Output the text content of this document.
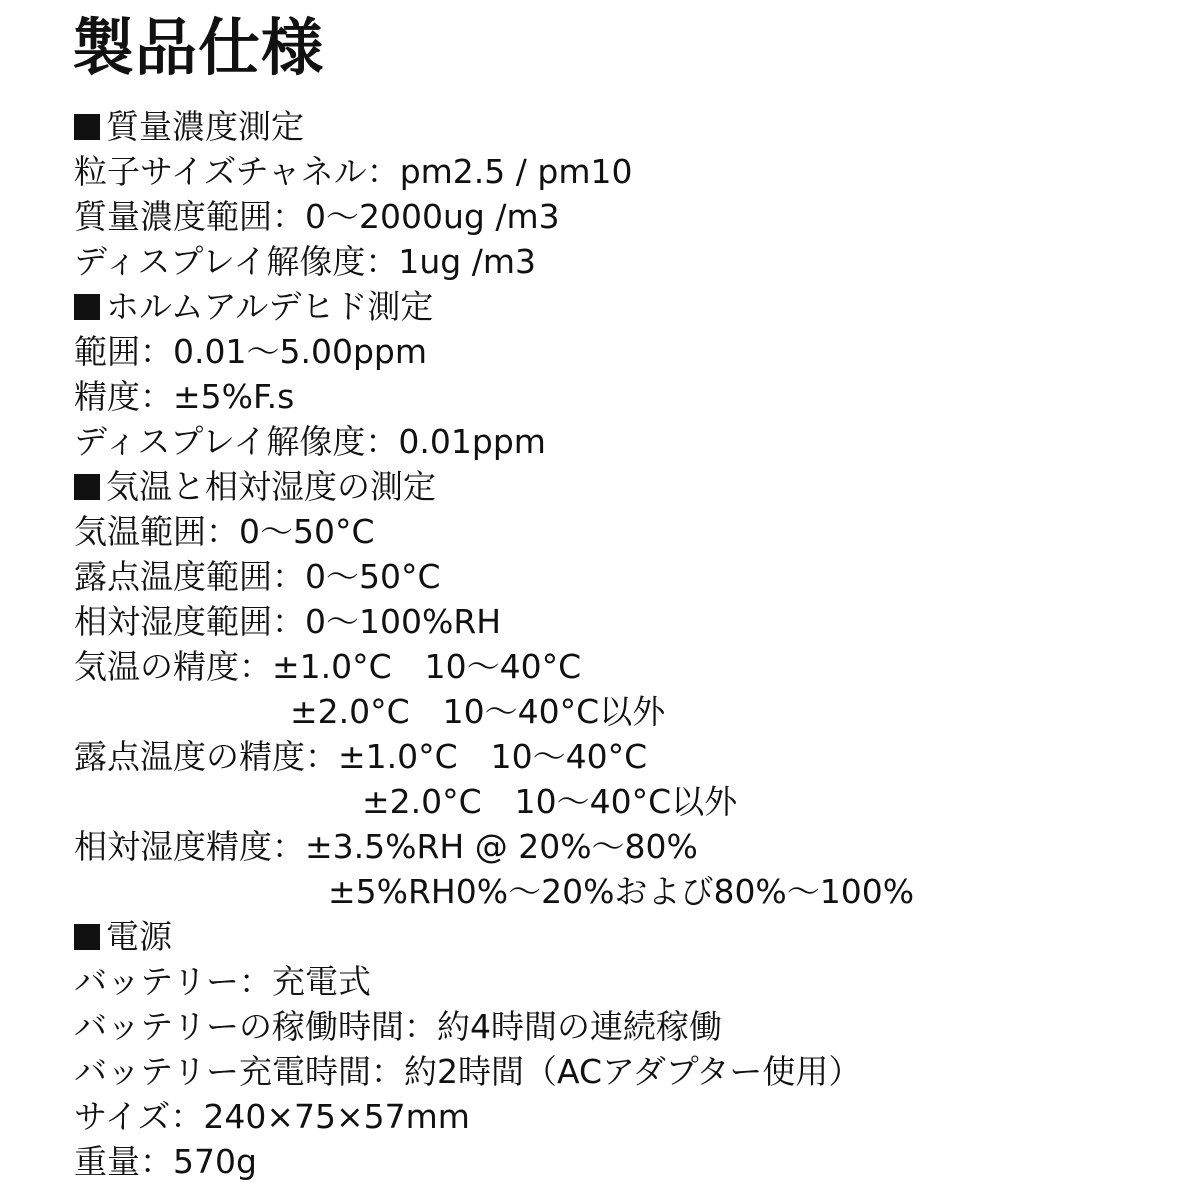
製品仕様
質量濃度測定
粒子サイズチャネル：pm2.5 / pm10
質量濃度範囲：0〜2000ug /m3
ディスプレイ解像度：1ug /m3
ホルムアルデヒド測定
範囲：0.01〜5.00ppm
精度：±5%F.s
ディスプレイ解像度：0.01ppm
気温と相対湿度の測定
気温範囲：0〜50°C
露点温度範囲：0〜50°C
相対湿度範囲：0〜100%RH
気温の精度：±1.0°C　10〜40°C
±2.0°C　10〜40°C以外
露点温度の精度：±1.0°C　10〜40°C
±2.0°C　10〜40°C以外
相対湿度精度：±3.5%RH @ 20%〜80%
±5%RH0%〜20%および80%〜100%
電源
バッテリー：充電式
バッテリーの稼働時間：約4時間の連続稼働
バッテリー充電時間：約2時間（ACアダプター使用）
サイズ：240×75×57mm
重量：570g
